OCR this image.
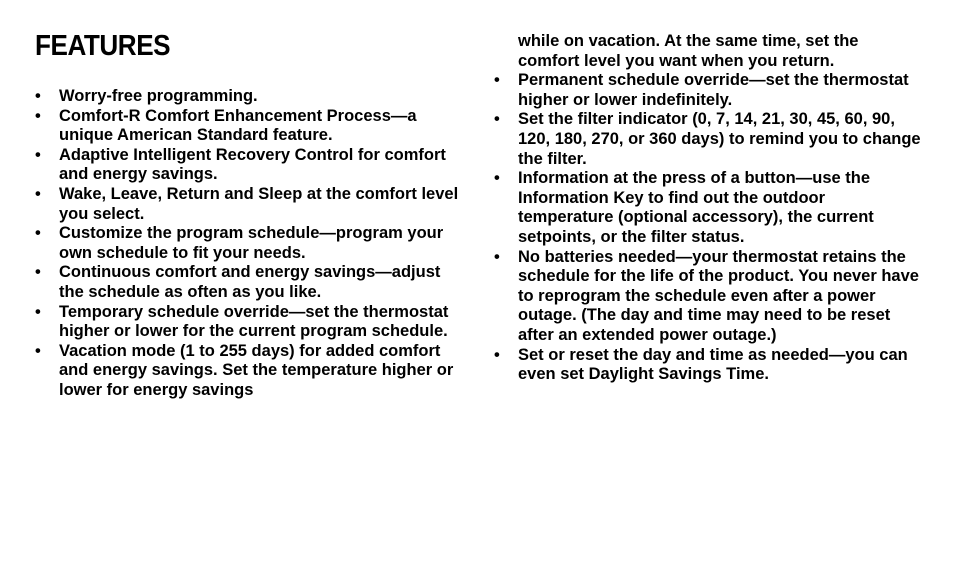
FEATURES
• Worry-free programming.
• Comfort-R Comfort Enhancement Process—a unique American Standard feature.
• Adaptive Intelligent Recovery Control for comfort and energy savings.
• Wake, Leave, Return and Sleep at the comfort level you select.
• Customize the program schedule—program your own schedule to fit your needs.
• Continuous comfort and energy savings—adjust the schedule as often as you like.
• Temporary schedule override—set the thermostat higher or lower for the current program schedule.
• Vacation mode (1 to 255 days) for added comfort and energy savings. Set the temperature higher or lower for energy savings
while on vacation. At the same time, set the comfort level you want when you return.
• Permanent schedule override—set the thermostat higher or lower indefinitely.
• Set the filter indicator (0, 7, 14, 21, 30, 45, 60, 90, 120, 180, 270, or 360 days) to remind you to change the filter.
• Information at the press of a button—use the Information Key to find out the outdoor temperature (optional accessory), the current setpoints, or the filter status.
• No batteries needed—your thermostat retains the schedule for the life of the product. You never have to reprogram the schedule even after a power outage. (The day and time may need to be reset after an extended power outage.)
• Set or reset the day and time as needed—you can even set Daylight Savings Time.
